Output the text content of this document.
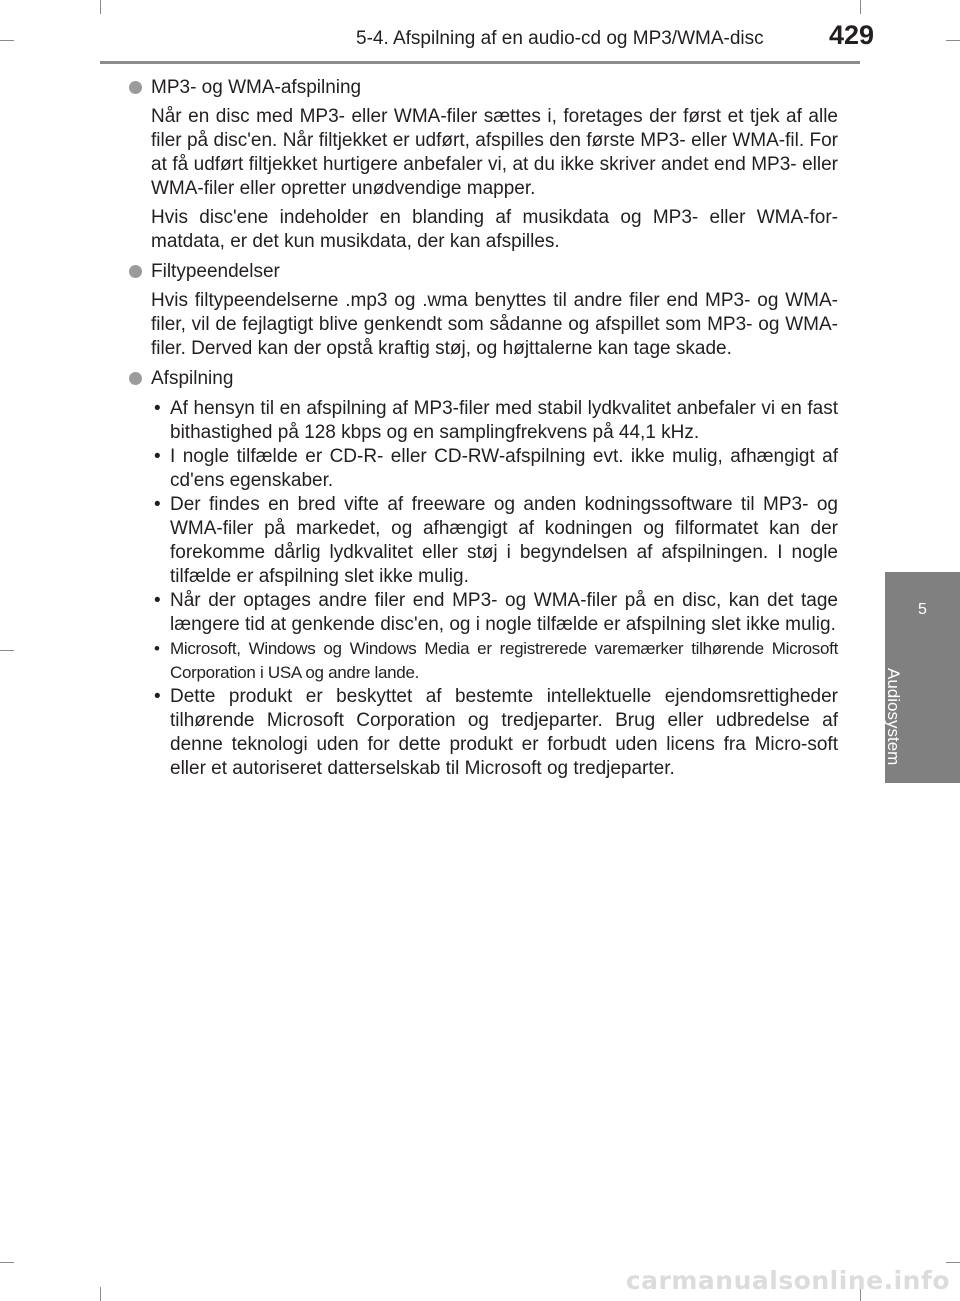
5-4. Afspilning af en audio-cd og MP3/WMA-disc 429
5
Audiosystem
MP3- og WMA-afspilning
Når en disc med MP3- eller WMA-filer sættes i, foretages der først et tjek af alle filer på disc'en. Når filtjekket er udført, afspilles den første MP3- eller WMA-fil. For at få udført filtjekket hurtigere anbefaler vi, at du ikke skriver andet end MP3- eller WMA-filer eller opretter unødvendige mapper.
Hvis disc'ene indeholder en blanding af musikdata og MP3- eller WMA-for-matdata, er det kun musikdata, der kan afspilles.
Filtypeendelser
Hvis filtypeendelserne .mp3 og .wma benyttes til andre filer end MP3- og WMA-filer, vil de fejlagtigt blive genkendt som sådanne og afspillet som MP3- og WMA-filer. Derved kan der opstå kraftig støj, og højttalerne kan tage skade.
Afspilning
• Af hensyn til en afspilning af MP3-filer med stabil lydkvalitet anbefaler vi en fast bithastighed på 128 kbps og en samplingfrekvens på 44,1 kHz.
• I nogle tilfælde er CD-R- eller CD-RW-afspilning evt. ikke mulig, afhængigt af cd'ens egenskaber.
• Der findes en bred vifte af freeware og anden kodningssoftware til MP3- og WMA-filer på markedet, og afhængigt af kodningen og filformatet kan der forekomme dårlig lydkvalitet eller støj i begyndelsen af afspilningen. I nogle tilfælde er afspilning slet ikke mulig.
• Når der optages andre filer end MP3- og WMA-filer på en disc, kan det tage længere tid at genkende disc'en, og i nogle tilfælde er afspilning slet ikke mulig.
• Microsoft, Windows og Windows Media er registrerede varemærker tilhørende Microsoft Corporation i USA og andre lande.
• Dette produkt er beskyttet af bestemte intellektuelle ejendomsrettigheder tilhørende Microsoft Corporation og tredjeparter. Brug eller udbredelse af denne teknologi uden for dette produkt er forbudt uden licens fra Micro-soft eller et autoriseret datterselskab til Microsoft og tredjeparter.
carmanualsonline.info
